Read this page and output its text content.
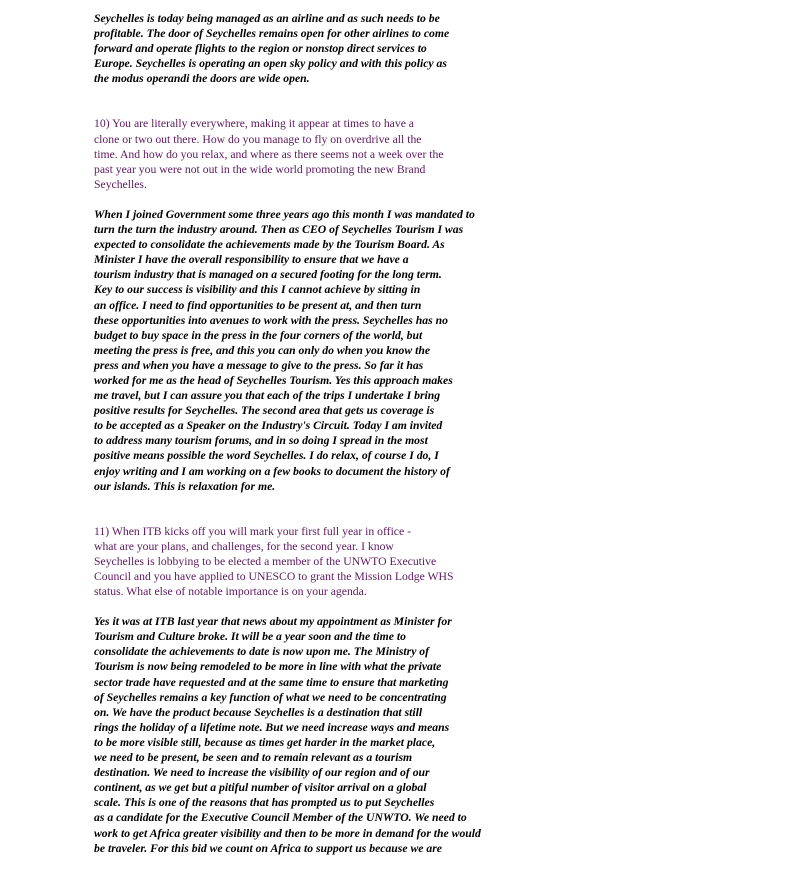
Seychelles is today being managed as an airline and as such needs to be
profitable. The door of Seychelles remains open for other airlines to come
forward and operate flights to the region or nonstop direct services to
Europe. Seychelles is operating an open sky policy and with this policy as
the modus operandi the doors are wide open.
10) You are literally everywhere, making it appear at times to have a
clone or two out there. How do you manage to fly on overdrive all the
time. And how do you relax, and where as there seems not a week over the
past year you were not out in the wide world promoting the new Brand
Seychelles.
When I joined Government some three years ago this month I was mandated to
turn the turn the industry around. Then as CEO of Seychelles Tourism I was
expected to consolidate the achievements made by the Tourism Board. As
Minister I have the overall responsibility to ensure that we have a
tourism industry that is managed on a secured footing for the long term.
Key to our success is visibility and this I cannot achieve by sitting in
an office. I need to find opportunities to be present at, and then turn
these opportunities into avenues to work with the press. Seychelles has no
budget to buy space in the press in the four corners of the world, but
meeting the press is free, and this you can only do when you know the
press and when you have a message to give to the press. So far it has
worked for me as the head of Seychelles Tourism. Yes this approach makes
me travel, but I can assure you that each of the trips I undertake I bring
positive results for Seychelles. The second area that gets us coverage is
to be accepted as a Speaker on the Industry's Circuit. Today I am invited
to address many tourism forums, and in so doing I spread in the most
positive means possible the word Seychelles. I do relax, of course I do, I
enjoy writing and I am working on a few books to document the history of
our islands. This is relaxation for me.
11) When ITB kicks off you will mark your first full year in office -
what are your plans, and challenges, for the second year. I know
Seychelles is lobbying to be elected a member of the UNWTO Executive
Council and you have applied to UNESCO to grant the Mission Lodge WHS
status. What else of notable importance is on your agenda.
Yes it was at ITB last year that news about my appointment as Minister for
Tourism and Culture broke. It will be a year soon and the time to
consolidate the achievements to date is now upon me. The Ministry of
Tourism is now being remodeled to be more in line with what the private
sector trade have requested and at the same time to ensure that marketing
of Seychelles remains a key function of what we need to be concentrating
on. We have the product because Seychelles is a destination that still
rings the holiday of a lifetime note. But we need increase ways and means
to be more visible still, because as times get harder in the market place,
we need to be present, be seen and to remain relevant as a tourism
destination. We need to increase the visibility of our region and of our
continent, as we get but a pitiful number of visitor arrival on a global
scale. This is one of the reasons that has prompted us to put Seychelles
as a candidate for the Executive Council Member of the UNWTO. We need to
work to get Africa greater visibility and then to be more in demand for the would
be traveler. For this bid we count on Africa to support us because we are
